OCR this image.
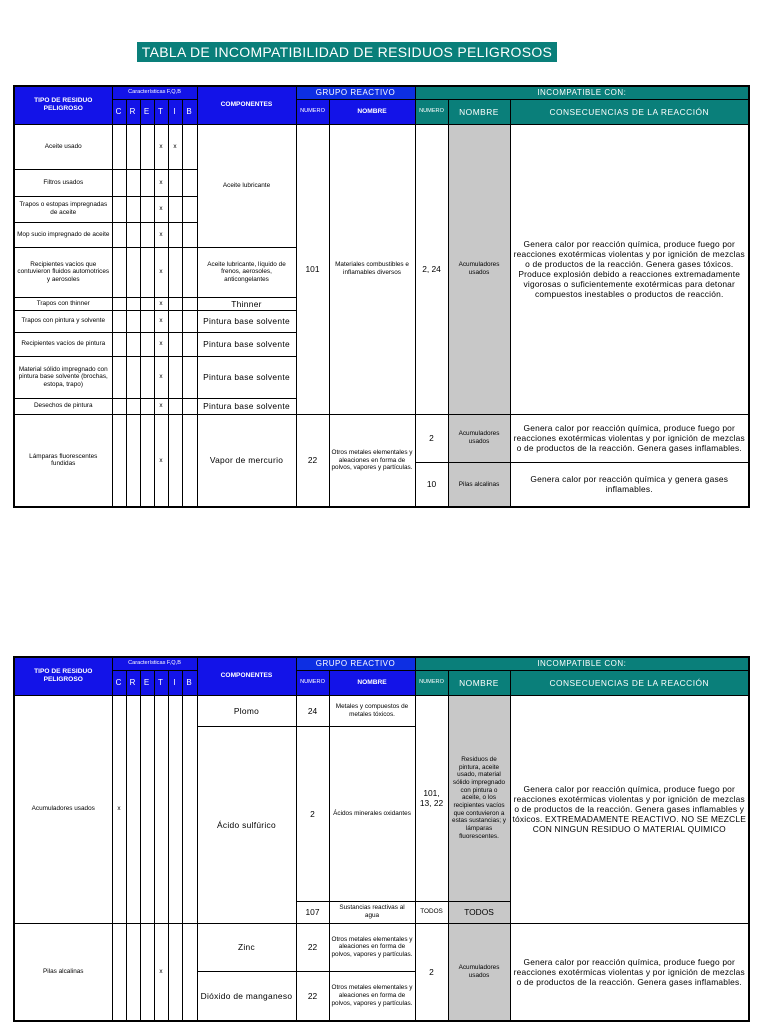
TABLA DE INCOMPATIBILIDAD DE RESIDUOS PELIGROSOS
TIPO DE RESIDUO PELIGROSO	Características F,Q,B						COMPONENTES	GRUPO REACTIVO		INCOMPATIBLE CON:		
	C	R	E	T	I	B		NUMERO	NOMBRE	NUMERO	NOMBRE	CONSECUENCIAS DE LA REACCIÓN
Aceite usado				x	x		Aceite lubricante	101	Materiales combustibles e inflamables diversos	2, 24	Acumuladores usados	Genera calor por reacción química, produce fuego por reacciones exotérmicas violentas y por ignición de mezclas o de productos de la reacción. Genera gases tóxicos. Produce explosión debido a reacciones extremadamente vigorosas o suficientemente exotérmicas para detonar compuestos inestables o productos de reacción.
Filtros usados				x								
Trapos o estopas impregnadas de aceite				x								
Mop sucio impregnado de aceite				x								
Recipientes vacíos que contuvieron fluidos automotrices y aerosoles				x			Aceite lubricante, líquido de frenos, aerosoles, anticongelantes					
Trapos con thinner				x			Thinner					
Trapos con pintura y solvente				x			Pintura base solvente					
Recipientes vacíos de pintura				x			Pintura base solvente					
Material sólido impregnado con pintura base solvente (brochas, estopa, trapo)				x			Pintura base solvente					
Desechos de pintura				x			Pintura base solvente					
Lámparas fluorescentes fundidas				x			Vapor de mercurio	22	Otros metales elementales y aleaciones en forma de polvos, vapores y partículas.	2	Acumuladores usados	Genera calor por reacción química, produce fuego por reacciones exotérmicas violentas y por ignición de mezclas o de productos de la reacción. Genera gases inflamables.
										10	Pilas alcalinas	Genera calor por reacción química y genera gases inflamables.
TIPO DE RESIDUO PELIGROSO	Características F,Q,B						COMPONENTES	GRUPO REACTIVO		INCOMPATIBLE CON:		
	C	R	E	T	I	B		NUMERO	NOMBRE	NUMERO	NOMBRE	CONSECUENCIAS DE LA REACCIÓN
Acumuladores usados	x						Plomo	24	Metales y compuestos de metales tóxicos.	101, 13, 22	Residuos de pintura, aceite usado, material sólido impregnado con pintura o aceite, o los recipientes vacíos que contuvieron a estas sustancias; y lámparas fluorescentes.	Genera calor por reacción química, produce fuego por reacciones exotérmicas violentas y por ignición de mezclas o de productos de la reacción. Genera gases inflamables y tóxicos. EXTREMADAMENTE REACTIVO. NO SE MEZCLE CON NINGUN RESIDUO O MATERIAL QUIMICO
							Ácido sulfúrico	2	Ácidos minerales oxidantes			
								107	Sustancias reactivas al agua	TODOS	TODOS	
Pilas alcalinas				x			Zinc	22	Otros metales elementales y aleaciones en forma de polvos, vapores y partículas.	2	Acumuladores usados	Genera calor por reacción química, produce fuego por reacciones exotérmicas violentas y por ignición de mezclas o de productos de la reacción. Genera gases inflamables.
							Dióxido de manganeso	22	Otros metales elementales y aleaciones en forma de polvos, vapores y partículas.			
